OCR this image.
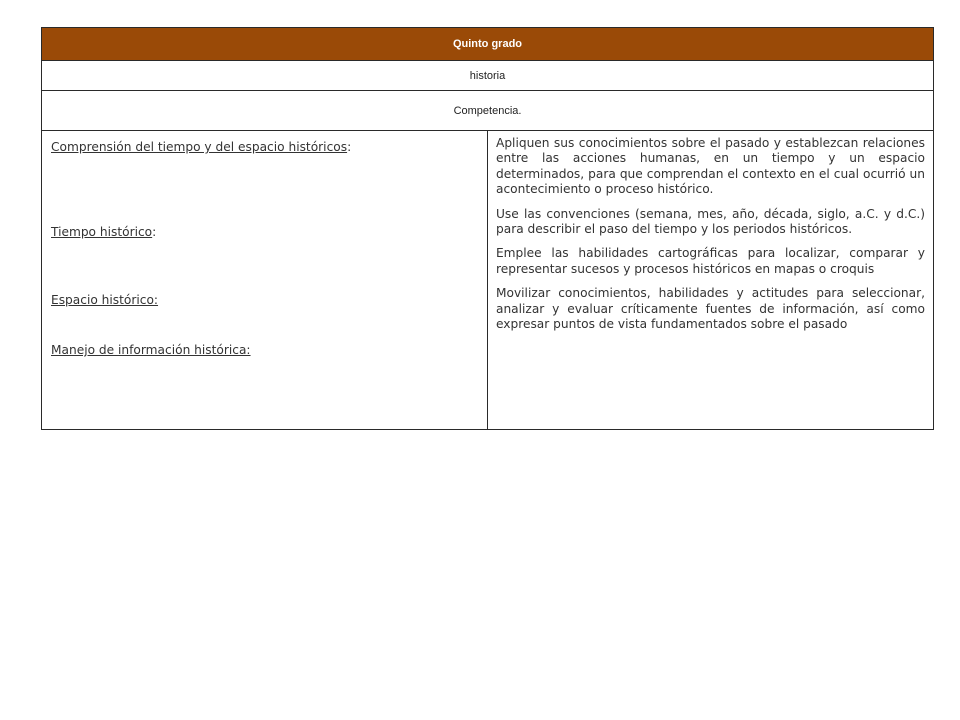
Quinto grado
historia
Competencia.
Comprensión del tiempo y del espacio históricos:
Tiempo histórico:
Espacio histórico:
Manejo de información histórica:

Apliquen sus conocimientos sobre el pasado y establezcan relaciones entre las acciones humanas, en un tiempo y un espacio determinados, para que comprendan el contexto en el cual ocurrió un acontecimiento o proceso histórico.

Use las convenciones (semana, mes, año, década, siglo, a.C. y d.C.) para describir el paso del tiempo y los periodos históricos.

Emplee las habilidades cartográficas para localizar, comparar y representar sucesos y procesos históricos en mapas o croquis

Movilizar conocimientos, habilidades y actitudes para seleccionar, analizar y evaluar críticamente fuentes de información, así como expresar puntos de vista fundamentados sobre el pasado
